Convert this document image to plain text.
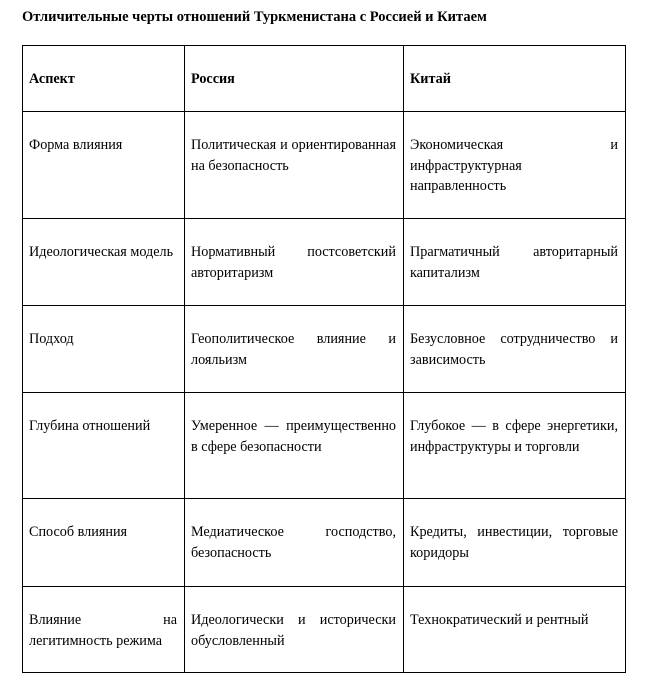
Отличительные черты отношений Туркменистана с Россией и Китаем
Аспект	Россия	Китай
Форма влияния	Политическая и ориентированная на безопасность	Экономическая и инфраструктурная направленность
Идеологическая модель	Нормативный постсоветский авторитаризм	Прагматичный авторитарный капитализм
Подход	Геополитическое влияние и лояльизм	Безусловное сотрудничество и зависимость
Глубина отношений	Умеренное — преимущественно в сфере безопасности	Глубокое — в сфере энергетики, инфраструктуры и торговли
Способ влияния	Медиатическое господство, безопасность	Кредиты, инвестиции, торговые коридоры
Влияние на легитимность режима	Идеологически и исторически обусловленный	Технократический и рентный
